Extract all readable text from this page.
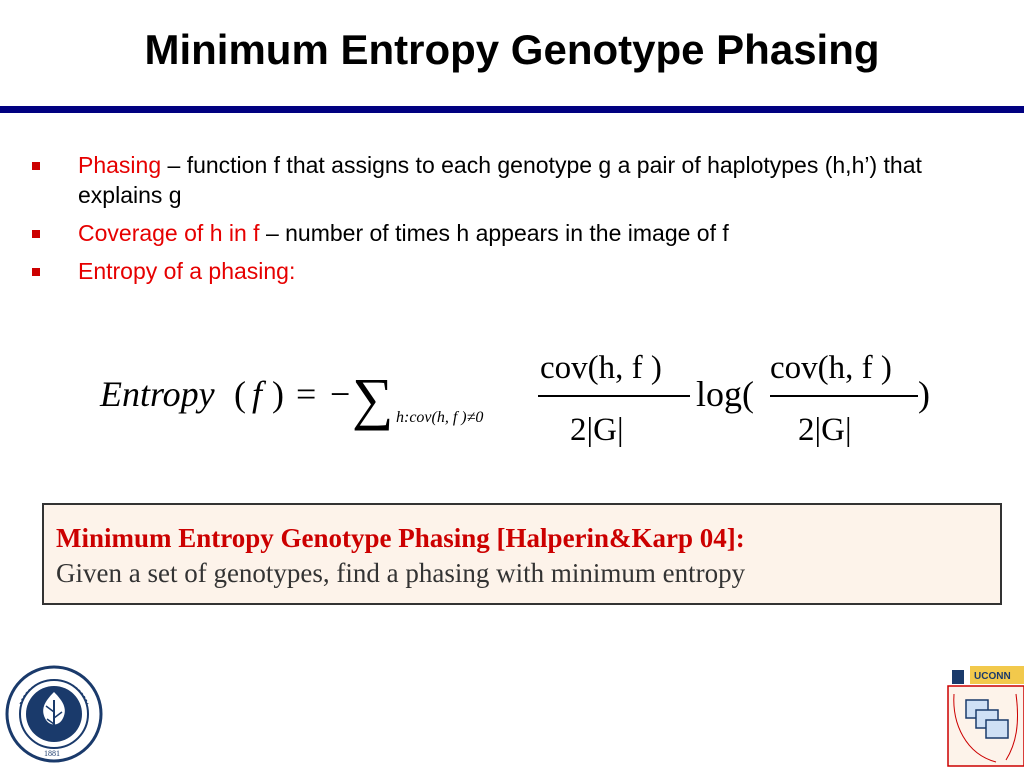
Minimum Entropy Genotype Phasing
Phasing – function f that assigns to each genotype g a pair of haplotypes (h,h’) that explains g
Coverage of h in f – number of times h appears in the image of f
Entropy of a phasing:
Entropy ( f ) = − ∑ h:cov(h, f )≠0
cov(h, f )
2|G|
log(
cov(h, f )
2|G|
)
Minimum Entropy Genotype Phasing [Halperin&Karp 04]:
Given a set of genotypes, find a phasing with minimum entropy
1881
UCONN
